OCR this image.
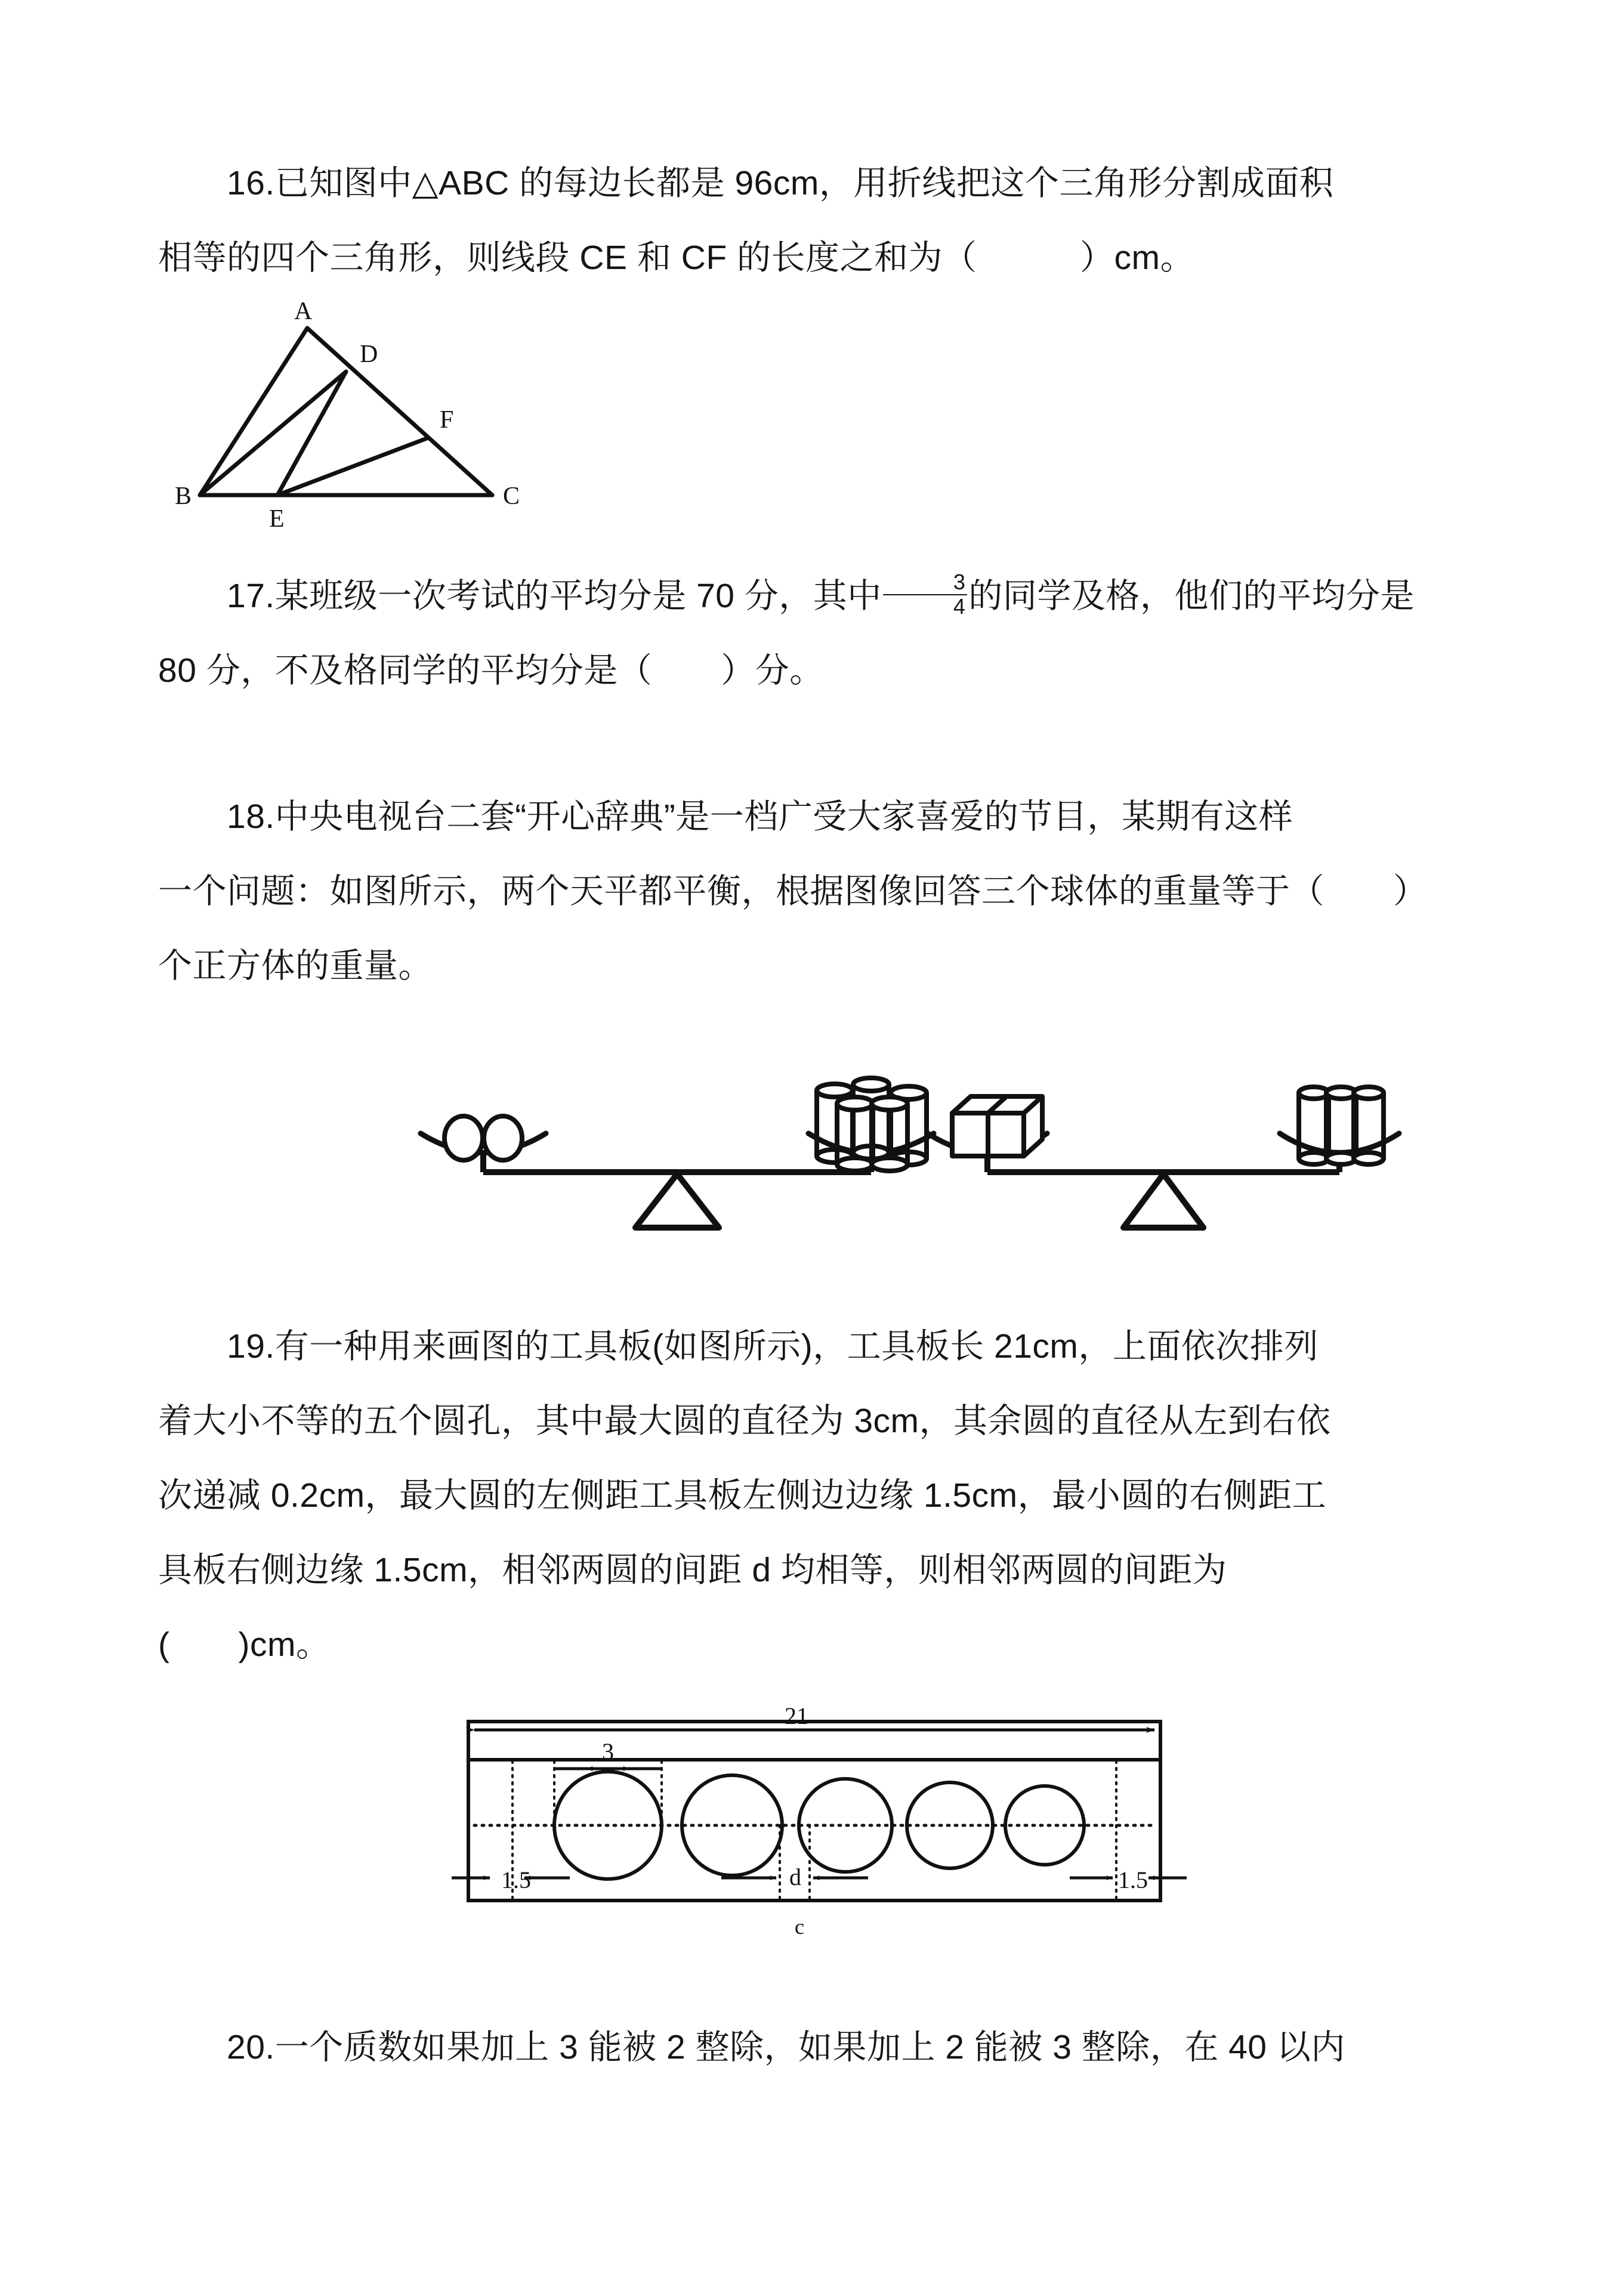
16.已知图中△ABC 的每边长都是 96cm，用折线把这个三角形分割成面积
相等的四个三角形，则线段 CE 和 CF 的长度之和为（　　　）cm。
A
B	C
D
E
F
17.某班级一次考试的平均分是 70 分，其中 $\frac{3}{4}$ 的同学及格，他们的平均分是
80 分，不及格同学的平均分是（　　）分。
18.中央电视台二套“开心辞典”是一档广受大家喜爱的节目，某期有这样
一个问题：如图所示，两个天平都平衡，根据图像回答三个球体的重量等于（　　）
个正方体的重量。
19.有一种用来画图的工具板(如图所示)，工具板长 21cm，上面依次排列
着大小不等的五个圆孔，其中最大圆的直径为 3cm，其余圆的直径从左到右依
次递减 0.2cm，最大圆的左侧距工具板左侧边边缘 1.5cm，最小圆的右侧距工
具板右侧边缘 1.5cm，相邻两圆的间距 d 均相等，则相邻两圆的间距为
(　　)cm。
21
3
1.5	d	1.5
c
20.一个质数如果加上 3 能被 2 整除，如果加上 2 能被 3 整除，在 40 以内
